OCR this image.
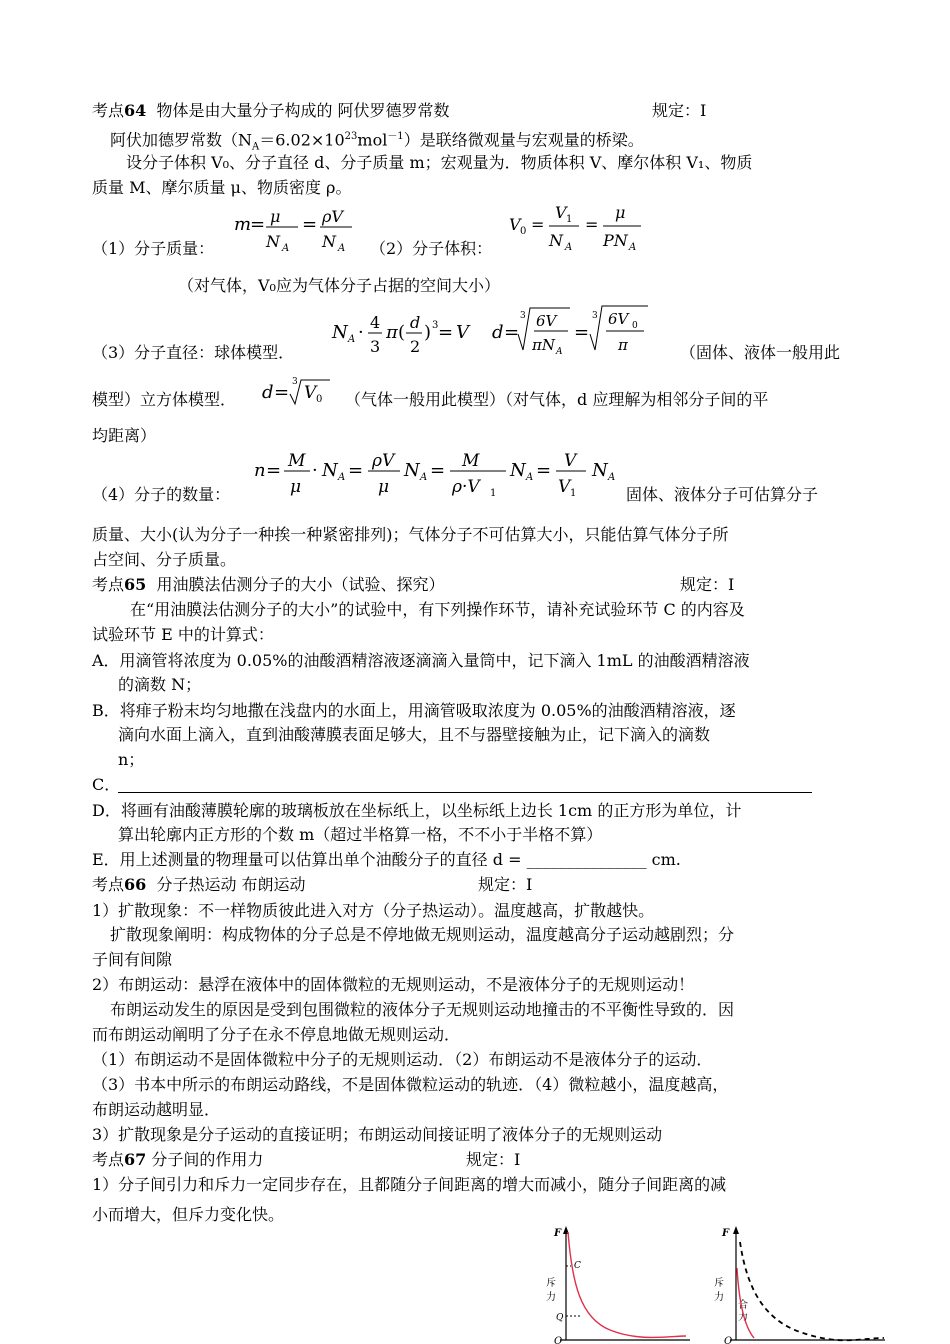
考点64 物体是由大量分子构成的 阿伏罗德罗常数	规定：Ⅰ
阿伏加德罗常数$(N_A=6.02\times 10^{23}mol^{-1})$是联络微观量与宏观量的桥梁。
设分子体积 V₀、分子直径 d、分子质量 m；宏观量为．物质体积 V、摩尔体积 V₁、物质
质量 M、摩尔质量 μ、物质密度 ρ。
m
= μ
N A
= ρV
N A
（1）分子质量：	（2）分子体积：
V 0 =
V 1
N A
=
μ
PN A
（对气体，V₀应为气体分子占据的空间大小）
N A · 4
3
π ( d
2
) 3 = V d =
3 6V
πN A
=
3 6V 0
π
（3）分子直径：球体模型．	（固体、液体一般用此
模型）立方体模型． d = 3
V 0 （气体一般用此模型）（对气体，d 应理解为相邻分子间的平
均距离）
n = M
μ
· N A = ρV
μ
N A = M
ρ·V 1
N A = V
V 1
N A
（4）分子的数量：	固体、液体分子可估算分子
质量、大小(认为分子一种挨一种紧密排列)；气体分子不可估算大小，只能估算气体分子所
占空间、分子质量。
考点65 用油膜法估测分子的大小（试验、探究）	规定：Ⅰ
在“用油膜法估测分子的大小”的试验中，有下列操作环节，请补充试验环节 C 的内容及
试验环节 E 中的计算式：
A．用滴管将浓度为 0.05%的油酸酒精溶液逐滴滴入量筒中，记下滴入 1mL 的油酸酒精溶液
的滴数 N；
B．将痱子粉末均匀地撒在浅盘内的水面上，用滴管吸取浓度为 0.05%的油酸酒精溶液，逐
滴向水面上滴入，直到油酸薄膜表面足够大，且不与器壁接触为止，记下滴入的滴数
n；
C．
D．将画有油酸薄膜轮廓的玻璃板放在坐标纸上，以坐标纸上边长 1cm 的正方形为单位，计
算出轮廓内正方形的个数 m（超过半格算一格，不不小于半格不算）
E．用上述测量的物理量可以估算出单个油酸分子的直径 d = _______________ cm.
考点66 分子热运动 布朗运动	规定：Ⅰ
1）扩散现象：不一样物质彼此进入对方（分子热运动）。温度越高，扩散越快。
扩散现象阐明：构成物体的分子总是不停地做无规则运动，温度越高分子运动越剧烈；分
子间有间隙
2）布朗运动：悬浮在液体中的固体微粒的无规则运动，不是液体分子的无规则运动！
布朗运动发生的原因是受到包围微粒的液体分子无规则运动地撞击的不平衡性导致的．因
而布朗运动阐明了分子在永不停息地做无规则运动．
（1）布朗运动不是固体微粒中分子的无规则运动．（2）布朗运动不是液体分子的运动．
（3）书本中所示的布朗运动路线，不是固体微粒运动的轨迹．（4）微粒越小，温度越高，
布朗运动越明显．
3）扩散现象是分子运动的直接证明；布朗运动间接证明了液体分子的无规则运动
考点67 分子间的作用力	规定：Ⅰ
1）分子间引力和斥力一定同步存在，且都随分子间距离的增大而减小，随分子间距离的减
小而增大，但斥力变化快。
F
斥
力
C
Q
O
F
斥
力
合
力
O
